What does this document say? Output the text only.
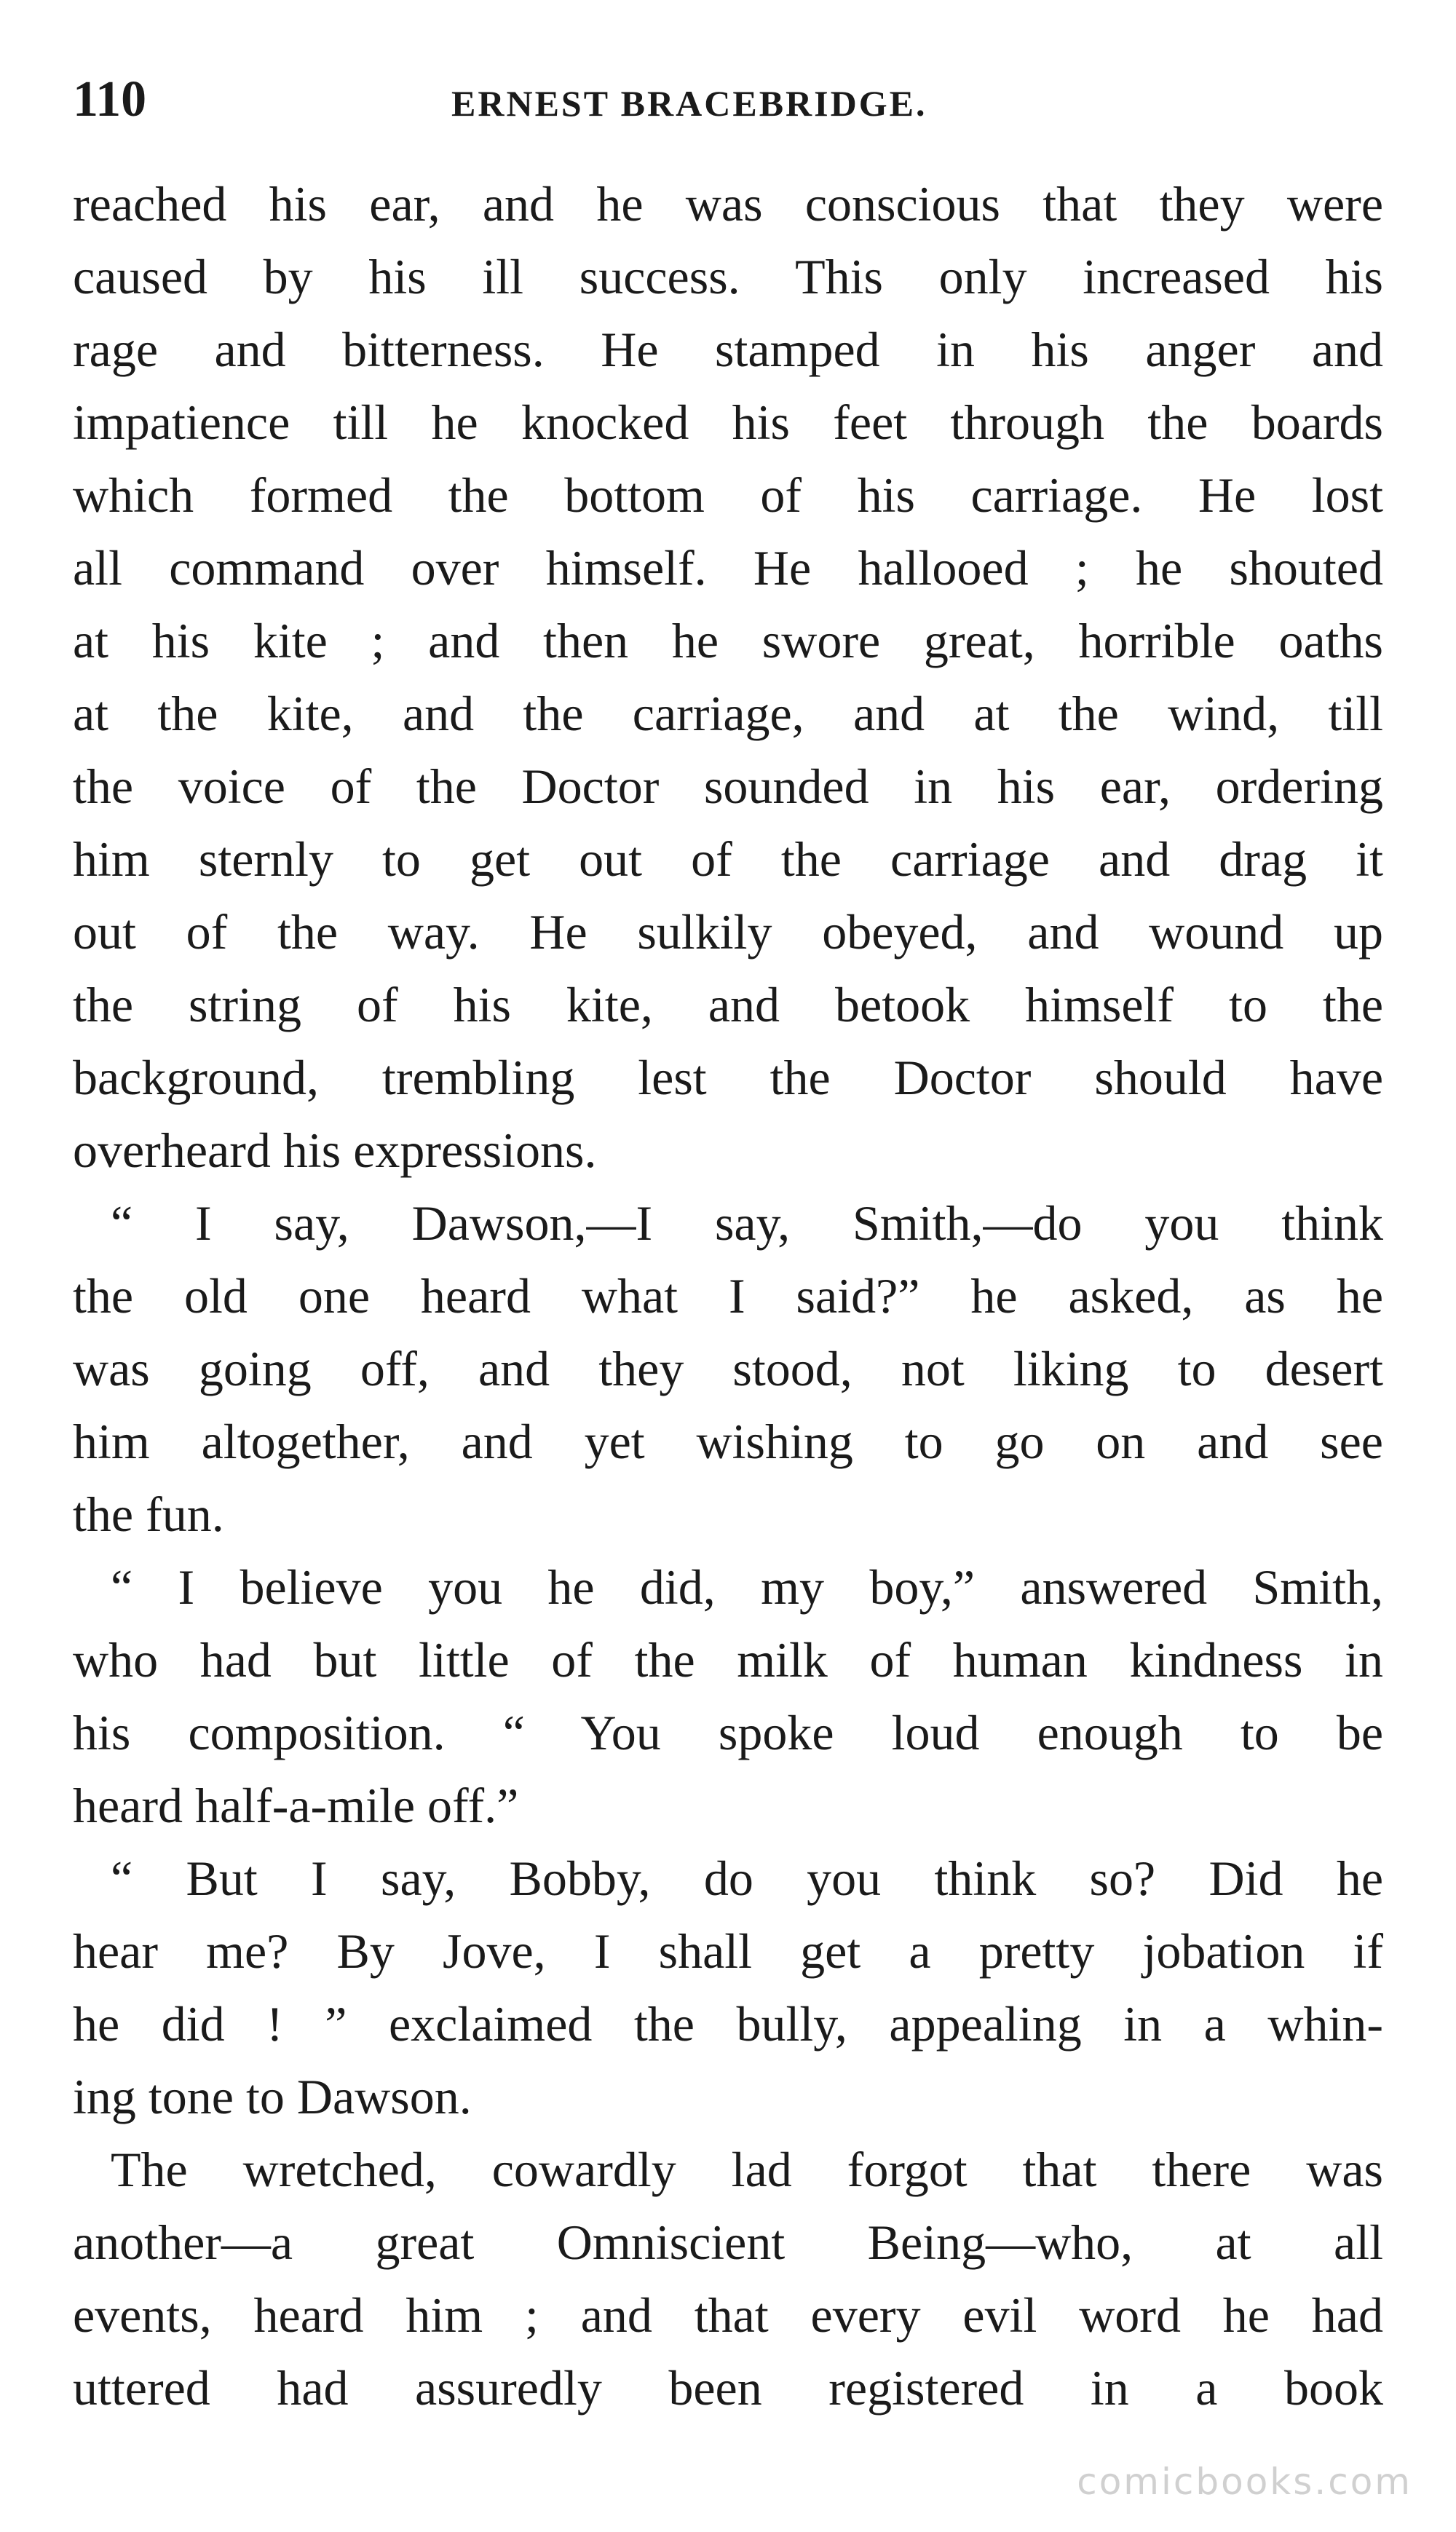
110	ERNEST BRACEBRIDGE.
reached his ear, and he was conscious that they were
caused by his ill success. This only increased his
rage and bitterness. He stamped in his anger and
impatience till he knocked his feet through the boards
which formed the bottom of his carriage. He lost
all command over himself. He hallooed ; he shouted
at his kite ; and then he swore great, horrible oaths
at the kite, and the carriage, and at the wind, till
the voice of the Doctor sounded in his ear, ordering
him sternly to get out of the carriage and drag it
out of the way. He sulkily obeyed, and wound up
the string of his kite, and betook himself to the
background, trembling lest the Doctor should have
overheard his expressions.
“ I say, Dawson,—I say, Smith,—do you think
the old one heard what I said?” he asked, as he
was going off, and they stood, not liking to desert
him altogether, and yet wishing to go on and see
the fun.
“ I believe you he did, my boy,” answered Smith,
who had but little of the milk of human kindness in
his composition. “ You spoke loud enough to be
heard half-a-mile off.”
“ But I say, Bobby, do you think so? Did he
hear me? By Jove, I shall get a pretty jobation if
he did ! ” exclaimed the bully, appealing in a whin-
ing tone to Dawson.
The wretched, cowardly lad forgot that there was
another—a great Omniscient Being—who, at all
events, heard him ; and that every evil word he had
uttered had assuredly been registered in a book
comicbooks.com
